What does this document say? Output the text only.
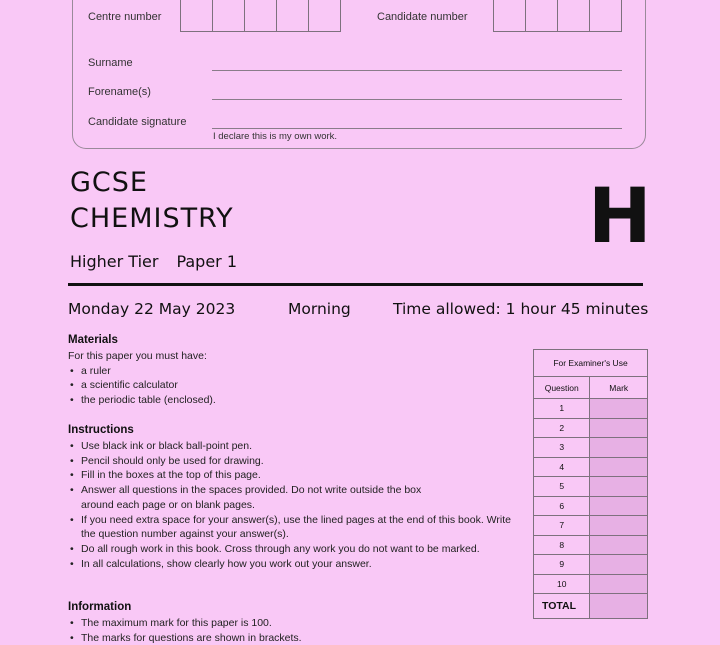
Centre number	Candidate number
Surname
Forename(s)
Candidate signature
I declare this is my own work.
GCSE
CHEMISTRY
Higher Tier Paper 1
H
Monday 22 May 2023	Morning	Time allowed: 1 hour 45 minutes
Materials
For this paper you must have:
• a ruler
• a scientific calculator
• the periodic table (enclosed).
Instructions
• Use black ink or black ball-point pen.
• Pencil should only be used for drawing.
• Fill in the boxes at the top of this page.
• Answer all questions in the spaces provided. Do not write outside the box around each page or on blank pages.
• If you need extra space for your answer(s), use the lined pages at the end of this book. Write the question number against your answer(s).
• Do all rough work in this book. Cross through any work you do not want to be marked.
• In all calculations, show clearly how you work out your answer.
Information
• The maximum mark for this paper is 100.
• The marks for questions are shown in brackets.
For Examiner's Use	
Question	Mark
1	
2	
3	
4	
5	
6	
7	
8	
9	
10	
TOTAL	
